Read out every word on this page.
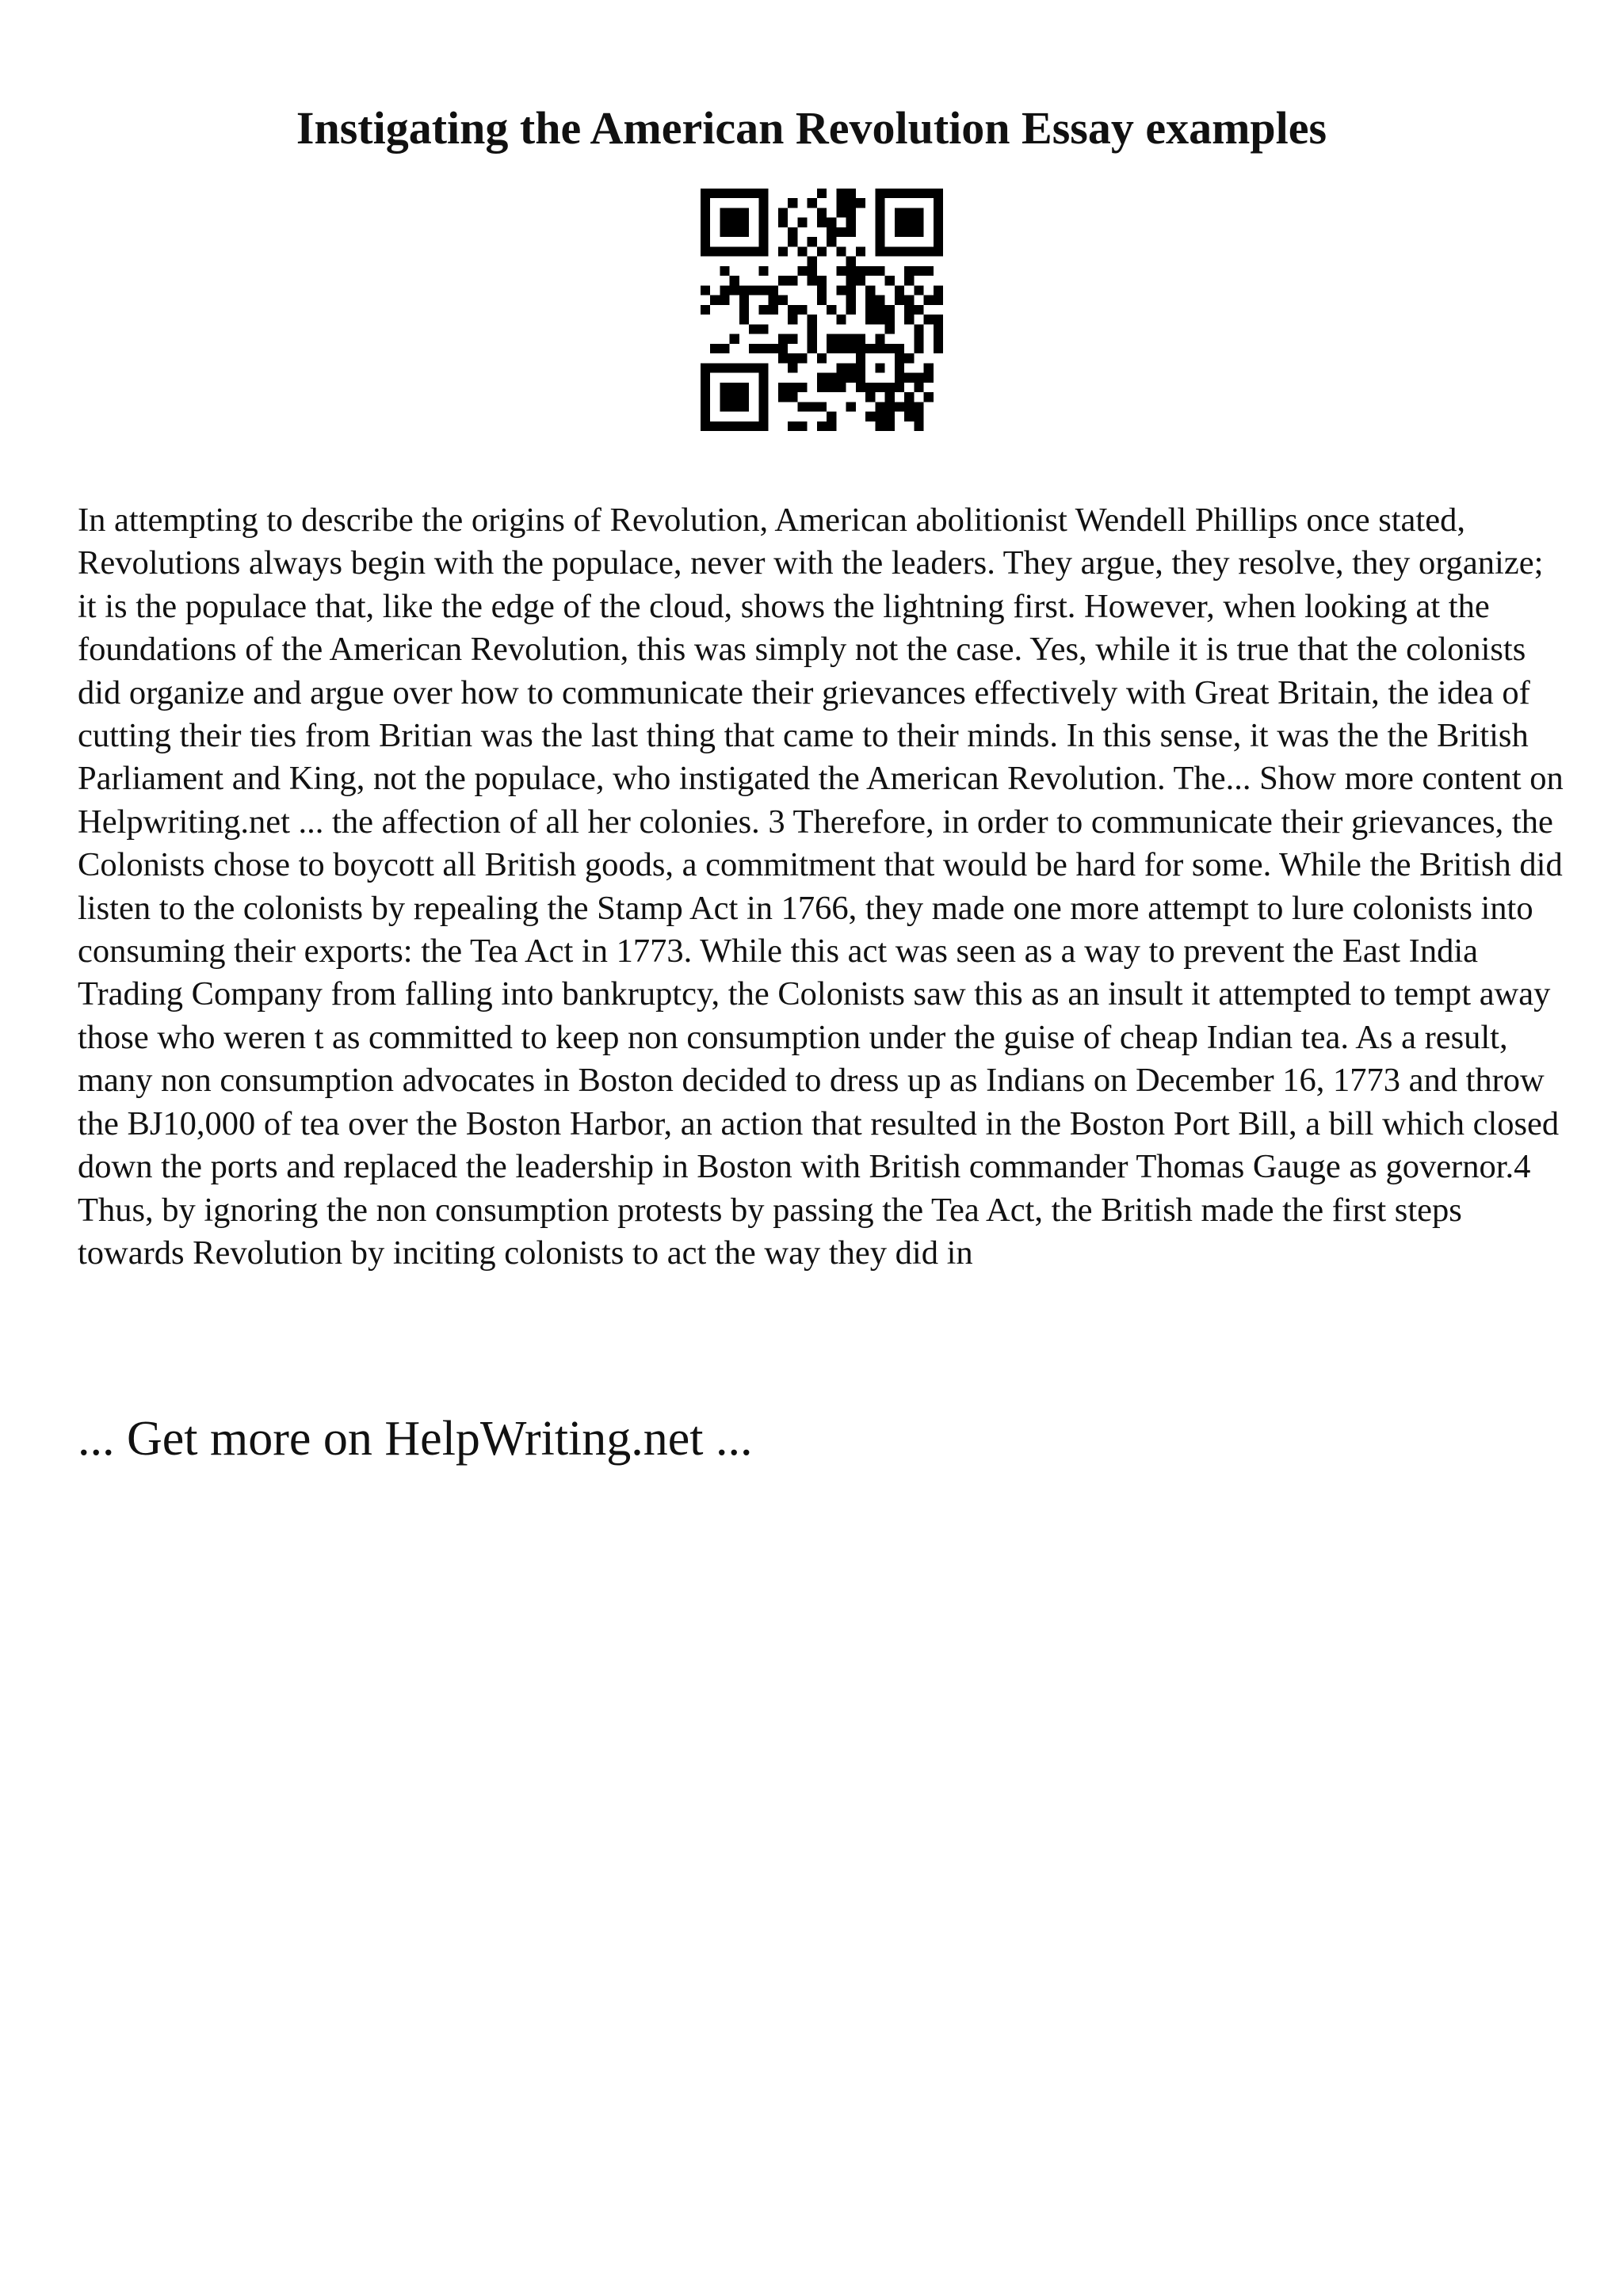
Instigating the American Revolution Essay examples

In attempting to describe the origins of Revolution, American abolitionist Wendell Phillips once stated, Revolutions always begin with the populace, never with the leaders. They argue, they resolve, they organize; it is the populace that, like the edge of the cloud, shows the lightning first. However, when looking at the foundations of the American Revolution, this was simply not the case. Yes, while it is true that the colonists did organize and argue over how to communicate their grievances effectively with Great Britain, the idea of cutting their ties from Britian was the last thing that came to their minds. In this sense, it was the the British Parliament and King, not the populace, who instigated the American Revolution. The... Show more content on Helpwriting.net ... the affection of all her colonies. 3 Therefore, in order to communicate their grievances, the Colonists chose to boycott all British goods, a commitment that would be hard for some. While the British did listen to the colonists by repealing the Stamp Act in 1766, they made one more attempt to lure colonists into consuming their exports: the Tea Act in 1773. While this act was seen as a way to prevent the East India Trading Company from falling into bankruptcy, the Colonists saw this as an insult it attempted to tempt away those who weren t as committed to keep non consumption under the guise of cheap Indian tea. As a result, many non consumption advocates in Boston decided to dress up as Indians on December 16, 1773 and throw the BJ10,000 of tea over the Boston Harbor, an action that resulted in the Boston Port Bill, a bill which closed down the ports and replaced the leadership in Boston with British commander Thomas Gauge as governor.4 Thus, by ignoring the non consumption protests by passing the Tea Act, the British made the first steps towards Revolution by inciting colonists to act the way they did in

... Get more on HelpWriting.net ...
